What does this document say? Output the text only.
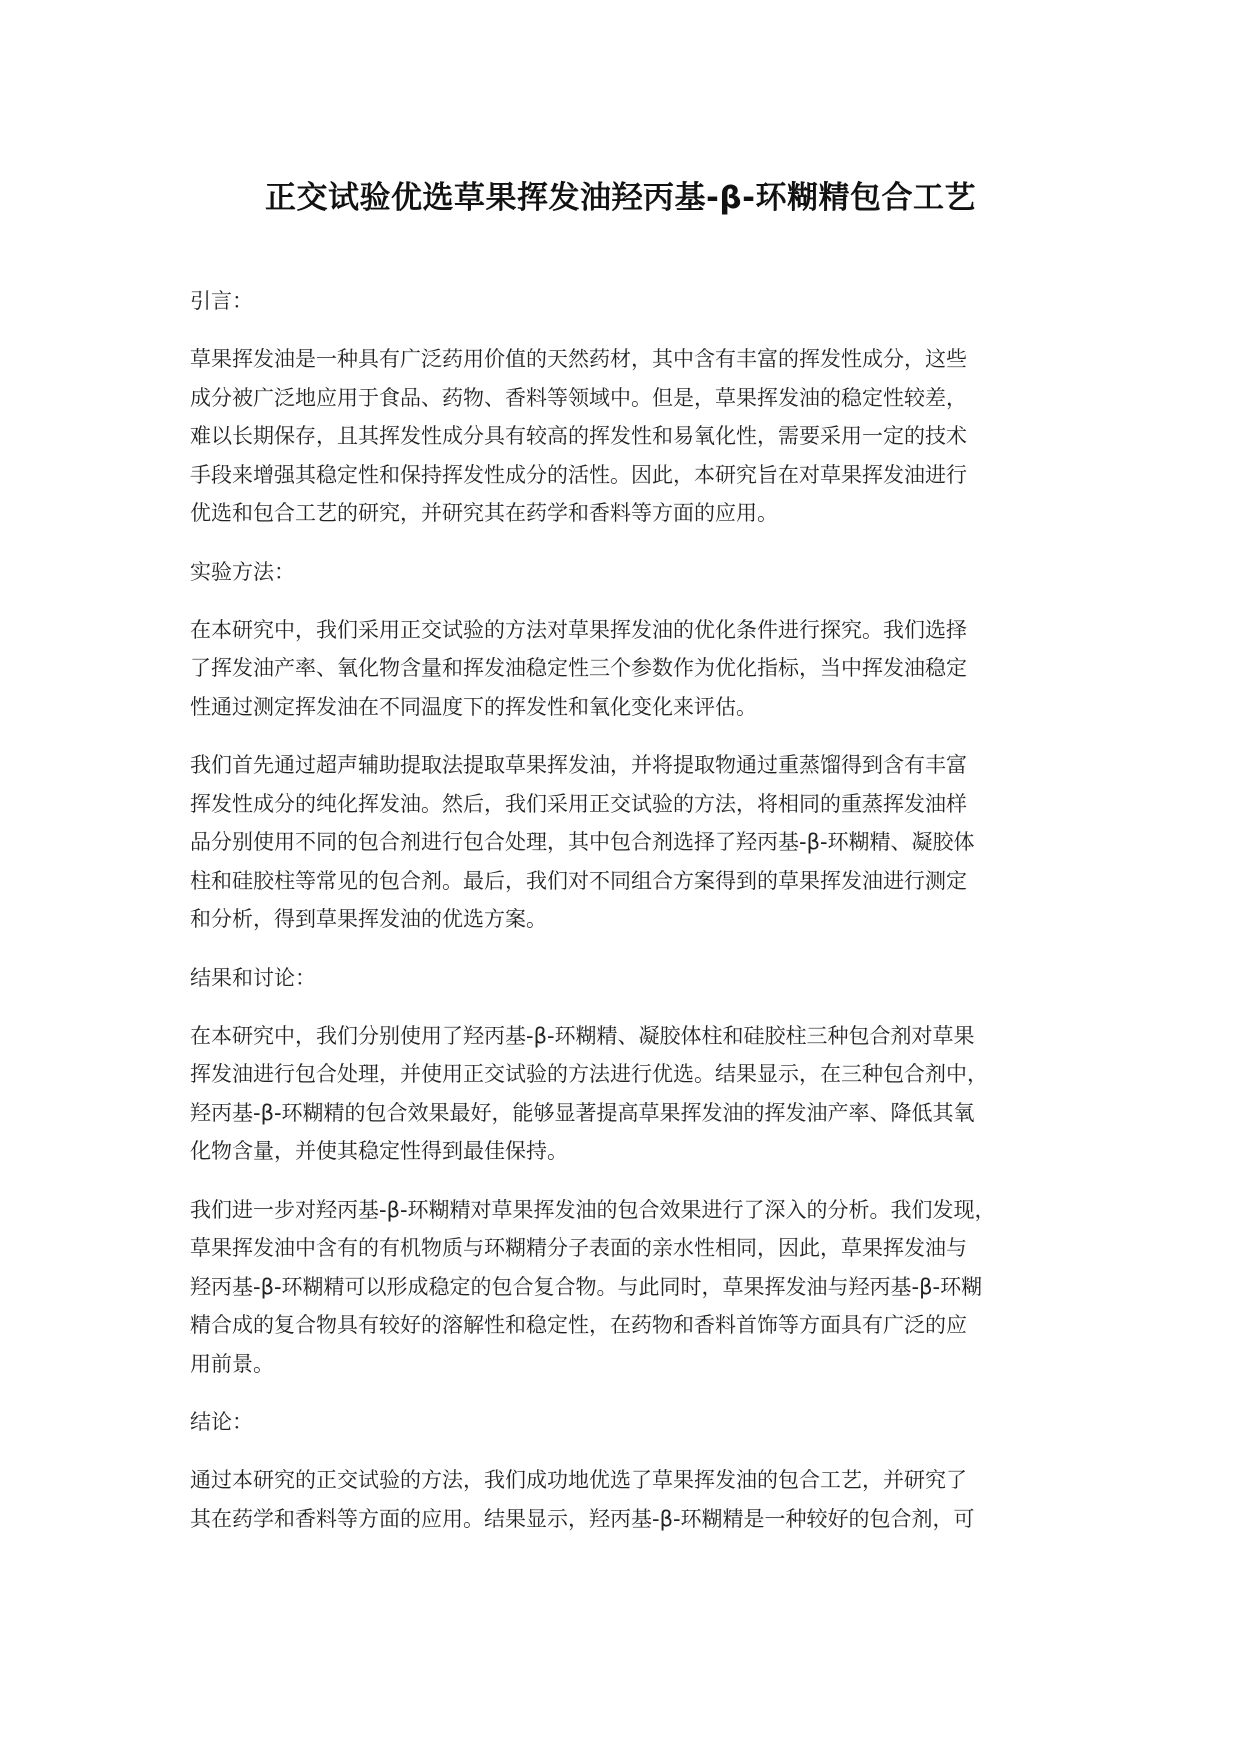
正交试验优选草果挥发油羟丙基-β-环糊精包合工艺
引言：
草果挥发油是一种具有广泛药用价值的天然药材，其中含有丰富的挥发性成分，这些
成分被广泛地应用于食品、药物、香料等领域中。但是，草果挥发油的稳定性较差，
难以长期保存，且其挥发性成分具有较高的挥发性和易氧化性，需要采用一定的技术
手段来增强其稳定性和保持挥发性成分的活性。因此，本研究旨在对草果挥发油进行
优选和包合工艺的研究，并研究其在药学和香料等方面的应用。
实验方法：
在本研究中，我们采用正交试验的方法对草果挥发油的优化条件进行探究。我们选择
了挥发油产率、氧化物含量和挥发油稳定性三个参数作为优化指标，当中挥发油稳定
性通过测定挥发油在不同温度下的挥发性和氧化变化来评估。
我们首先通过超声辅助提取法提取草果挥发油，并将提取物通过重蒸馏得到含有丰富
挥发性成分的纯化挥发油。然后，我们采用正交试验的方法，将相同的重蒸挥发油样
品分别使用不同的包合剂进行包合处理，其中包合剂选择了羟丙基-β-环糊精、凝胶体
柱和硅胶柱等常见的包合剂。最后，我们对不同组合方案得到的草果挥发油进行测定
和分析，得到草果挥发油的优选方案。
结果和讨论：
在本研究中，我们分别使用了羟丙基-β-环糊精、凝胶体柱和硅胶柱三种包合剂对草果
挥发油进行包合处理，并使用正交试验的方法进行优选。结果显示，在三种包合剂中，
羟丙基-β-环糊精的包合效果最好，能够显著提高草果挥发油的挥发油产率、降低其氧
化物含量，并使其稳定性得到最佳保持。
我们进一步对羟丙基-β-环糊精对草果挥发油的包合效果进行了深入的分析。我们发现，
草果挥发油中含有的有机物质与环糊精分子表面的亲水性相同，因此，草果挥发油与
羟丙基-β-环糊精可以形成稳定的包合复合物。与此同时，草果挥发油与羟丙基-β-环糊
精合成的复合物具有较好的溶解性和稳定性，在药物和香料首饰等方面具有广泛的应
用前景。
结论：
通过本研究的正交试验的方法，我们成功地优选了草果挥发油的包合工艺，并研究了
其在药学和香料等方面的应用。结果显示，羟丙基-β-环糊精是一种较好的包合剂，可
